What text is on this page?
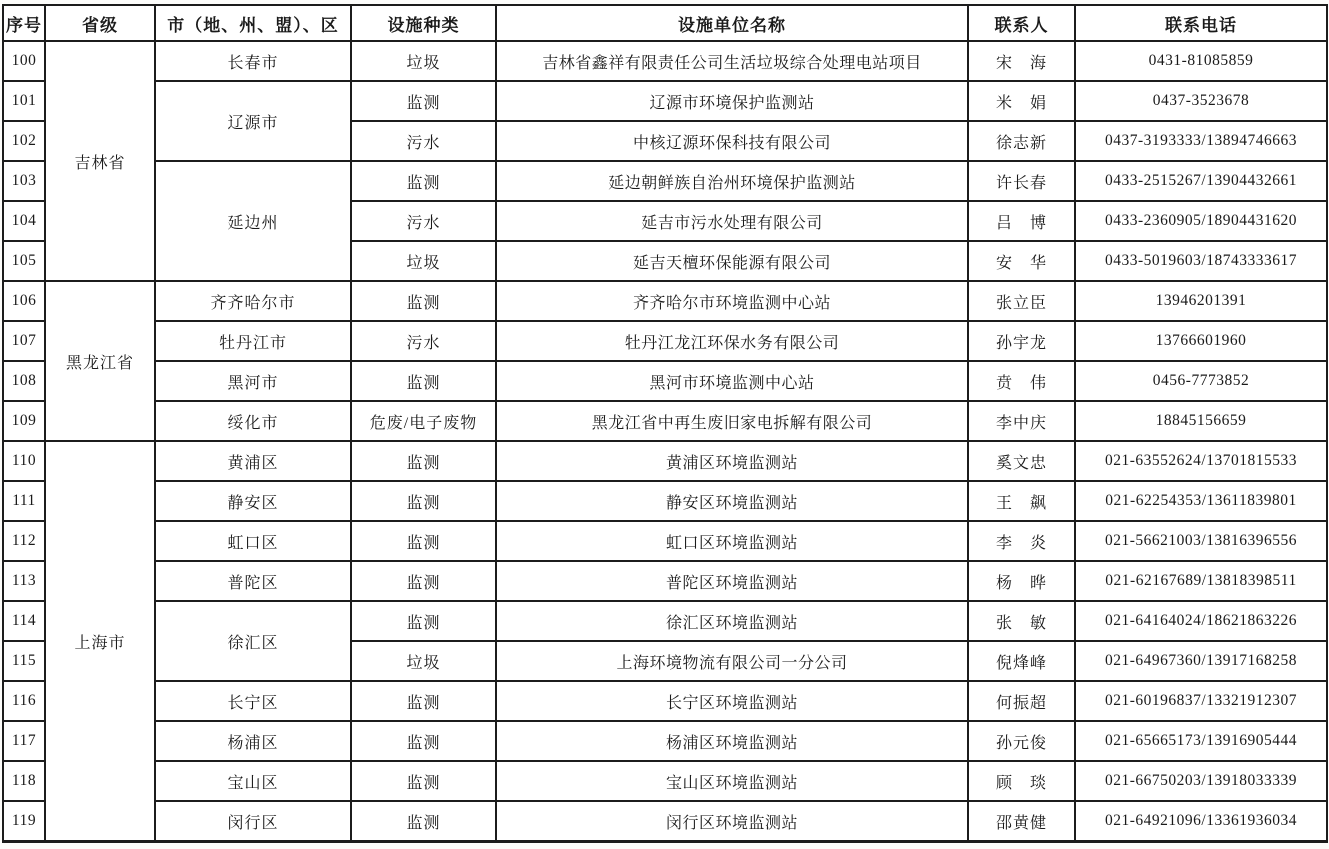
序号	省级	市（地、州、盟）、区	设施种类	设施单位名称	联系人	联系电话
100	吉林省	长春市	垃圾	吉林省鑫祥有限责任公司生活垃圾综合处理电站项目	宋　海	0431-81085859
101		辽源市	监测	辽源市环境保护监测站	米　娟	0437-3523678
102			污水	中核辽源环保科技有限公司	徐志新	0437-3193333/13894746663
103		延边州	监测	延边朝鲜族自治州环境保护监测站	许长春	0433-2515267/13904432661
104			污水	延吉市污水处理有限公司	吕　博	0433-2360905/18904431620
105			垃圾	延吉天檀环保能源有限公司	安　华	0433-5019603/18743333617
106	黑龙江省	齐齐哈尔市	监测	齐齐哈尔市环境监测中心站	张立臣	13946201391
107		牡丹江市	污水	牡丹江龙江环保水务有限公司	孙宇龙	13766601960
108		黑河市	监测	黑河市环境监测中心站	贲　伟	0456-7773852
109		绥化市	危废/电子废物	黑龙江省中再生废旧家电拆解有限公司	李中庆	18845156659
110	上海市	黄浦区	监测	黄浦区环境监测站	奚文忠	021-63552624/13701815533
111		静安区	监测	静安区环境监测站	王　飙	021-62254353/13611839801
112		虹口区	监测	虹口区环境监测站	李　炎	021-56621003/13816396556
113		普陀区	监测	普陀区环境监测站	杨　晔	021-62167689/13818398511
114		徐汇区	监测	徐汇区环境监测站	张　敏	021-64164024/18621863226
115			垃圾	上海环境物流有限公司一分公司	倪烽峰	021-64967360/13917168258
116		长宁区	监测	长宁区环境监测站	何振超	021-60196837/13321912307
117		杨浦区	监测	杨浦区环境监测站	孙元俊	021-65665173/13916905444
118		宝山区	监测	宝山区环境监测站	顾　琰	021-66750203/13918033339
119		闵行区	监测	闵行区环境监测站	邵黄健	021-64921096/13361936034
